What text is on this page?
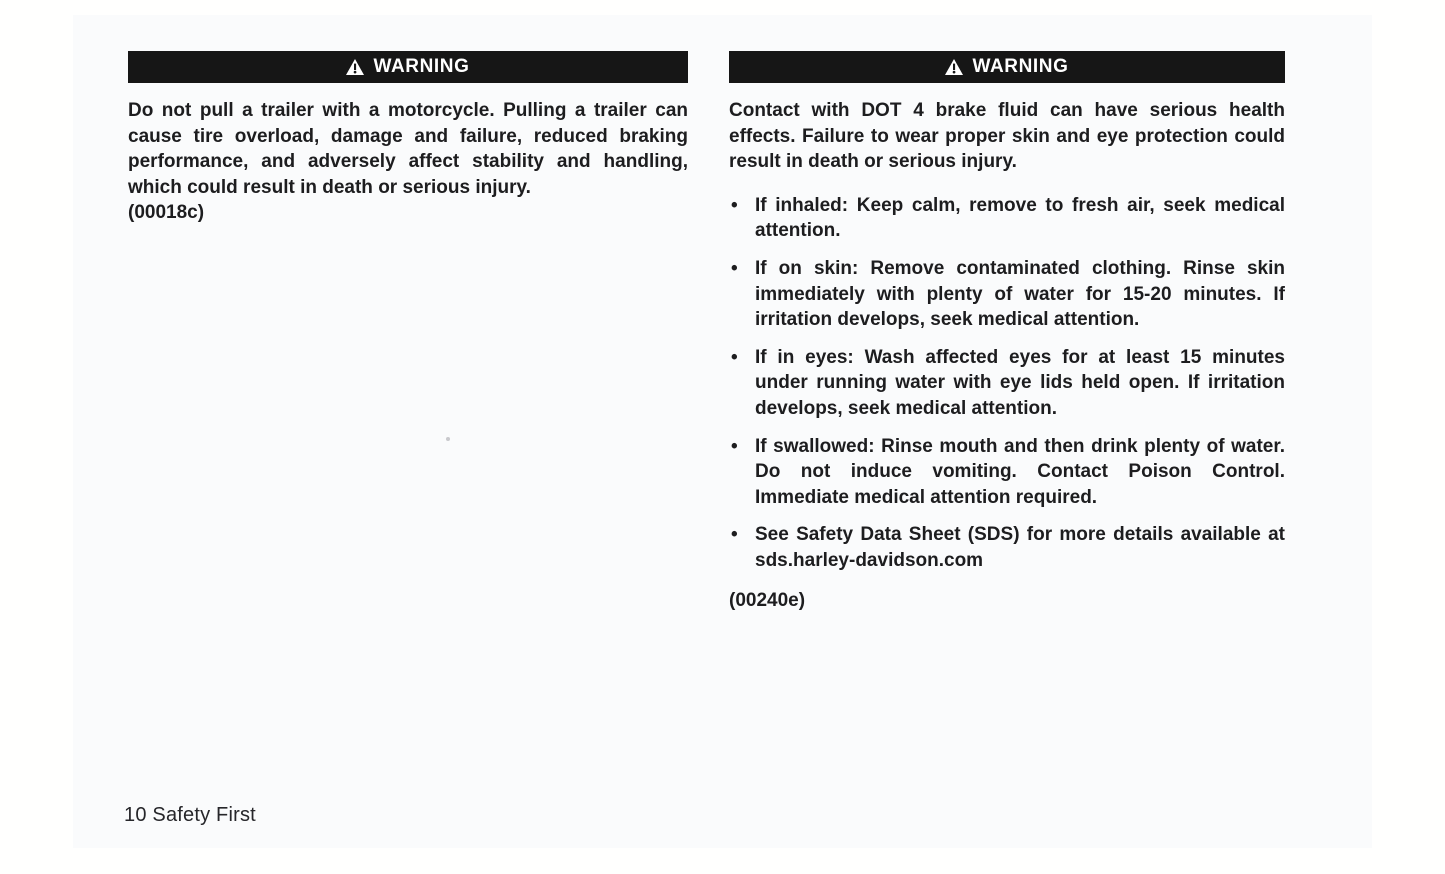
WARNING

Do not pull a trailer with a motorcycle. Pulling a trailer can cause tire overload, damage and failure, reduced braking performance, and adversely affect stability and handling, which could result in death or serious injury.

(00018c)
WARNING

Contact with DOT 4 brake fluid can have serious health effects. Failure to wear proper skin and eye protection could result in death or serious injury.

• If inhaled: Keep calm, remove to fresh air, seek medical attention.
• If on skin: Remove contaminated clothing. Rinse skin immediately with plenty of water for 15-20 minutes. If irritation develops, seek medical attention.
• If in eyes: Wash affected eyes for at least 15 minutes under running water with eye lids held open. If irritation develops, seek medical attention.
• If swallowed: Rinse mouth and then drink plenty of water. Do not induce vomiting. Contact Poison Control. Immediate medical attention required.
• See Safety Data Sheet (SDS) for more details available at sds.harley-davidson.com
(00240e)
10 Safety First
